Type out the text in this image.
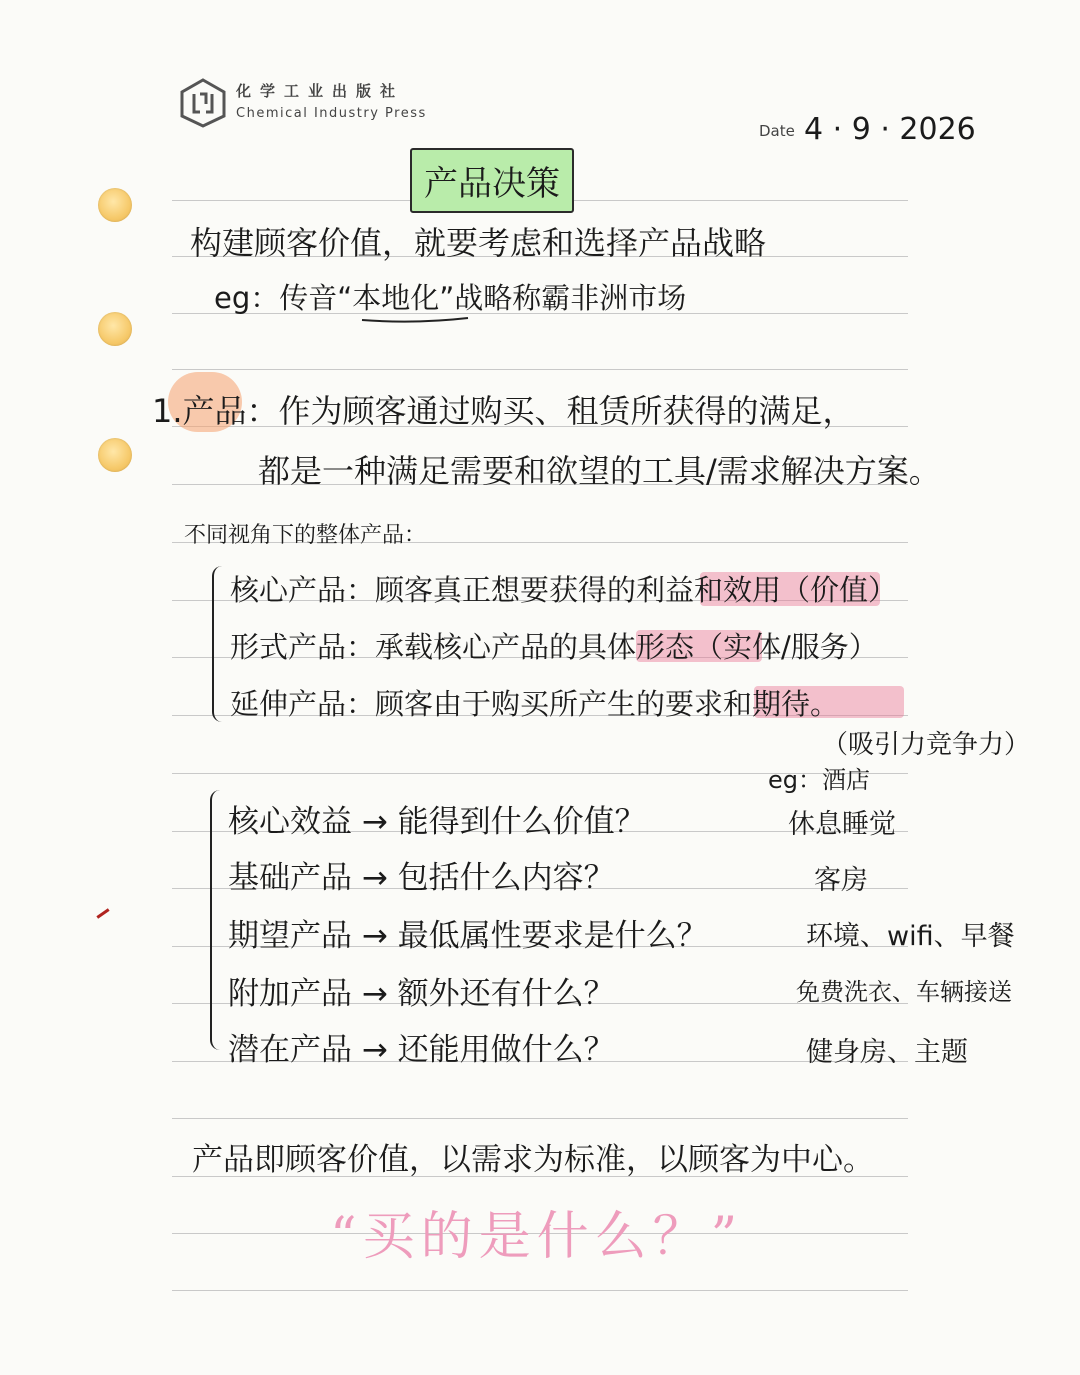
化学工业出版社
Chemical Industry Press
Date 4 · 9 · 2026
产品决策
构建顾客价值，就要考虑和选择产品战略
eg：传音“本地化”战略称霸非洲市场
1.产品：作为顾客通过购买、租赁所获得的满足，
都是一种满足需要和欲望的工具/需求解决方案。
不同视角下的整体产品：
核心产品：顾客真正想要获得的利益和效用（价值）
形式产品：承载核心产品的具体形态（实体/服务）
延伸产品：顾客由于购买所产生的要求和期待。
（吸引力竞争力）
eg：酒店
核心效益 → 能得到什么价值？	休息睡觉
基础产品 → 包括什么内容？	客房
期望产品 → 最低属性要求是什么？	环境、wifi、早餐
附加产品 → 额外还有什么？	免费洗衣、车辆接送
潜在产品 → 还能用做什么？	健身房、主题
产品即顾客价值，以需求为标准，以顾客为中心。
“买的是什么？”
